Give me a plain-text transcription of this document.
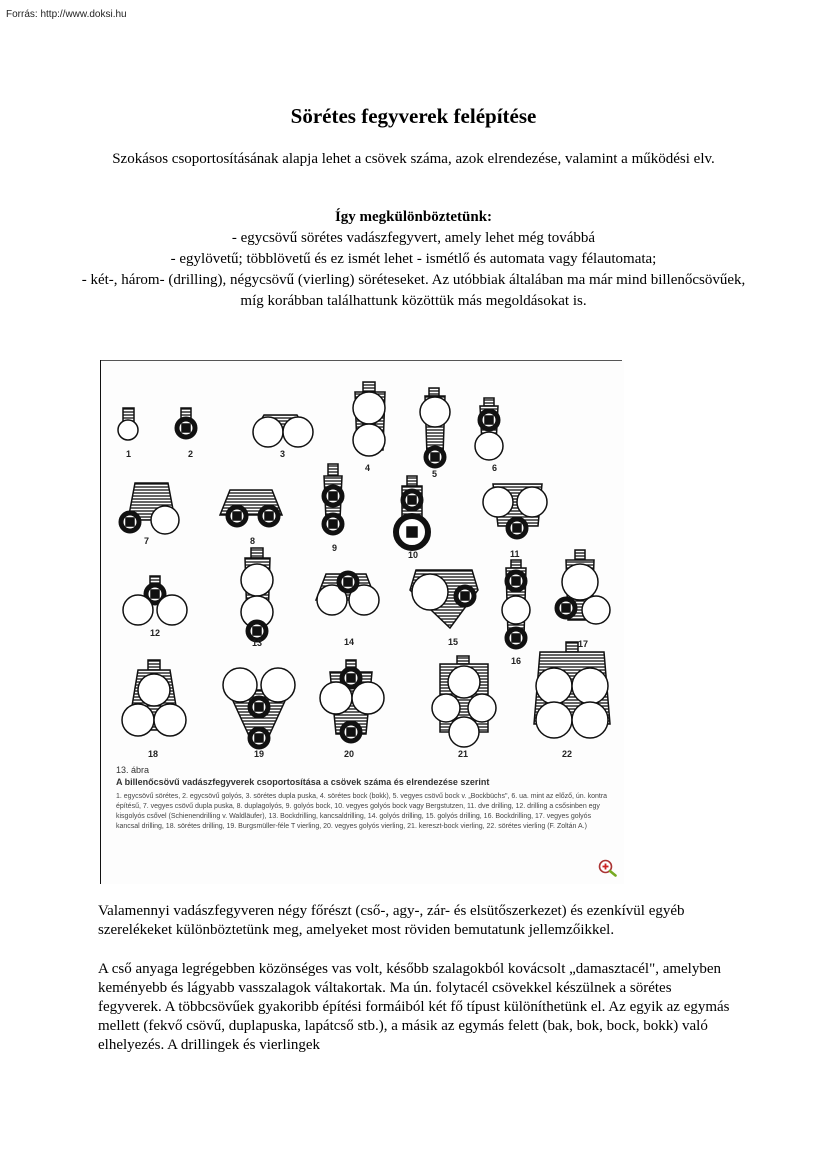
Forrás: http://www.doksi.hu
Sörétes fegyverek felépítése
Szokásos csoportosításának alapja lehet a csövek száma, azok elrendezése, valamint a működési elv.
Így megkülönböztetünk:
- egycsövű sörétes vadászfegyvert, amely lehet még továbbá
- egylövetű; többlövetű és ez ismét lehet - ismétlő és automata vagy félautomata;
- két-, három- (drilling), négycsövű (vierling) söréteseket. Az utóbbiak általában ma már mind billenőcsövűek, míg korábban találhattunk közöttük más megoldásokat is.
1	2	3
4
5
6
7	8
9
10	11
12
13	14	15
16
17
18	19	20	21	22
13. ábra
A billenőcsövű vadászfegyverek csoportosítása a csövek száma és elrendezése szerint
1. egycsövű sörétes, 2. egycsövű golyós, 3. sörétes dupla puska, 4. sörétes bock (bokk), 5. vegyes csövű bock v. „Bockbüchs", 6. ua. mint az előző, ún. kontra építésű, 7. vegyes csövű dupla puska, 8. duplagolyós, 9. golyós bock, 10. vegyes golyós bock vagy Bergstutzen, 11. dve drilling, 12. drilling a csősinben egy kisgolyós csővel (Schienendrilling v. Waldläufer), 13. Bockdrilling, kancsaldrilling, 14. golyós drilling, 15. golyós drilling, 16. Bockdrilling, 17. vegyes golyós kancsal drilling, 18. sörétes drilling, 19. Burgsmüller-féle T vierling, 20. vegyes golyós vierling, 21. kereszt-bock vierling, 22. sörétes vierling (F. Zoltán A.)
Valamennyi vadászfegyveren négy főrészt (cső-, agy-, zár- és elsütőszerkezet) és ezenkívül egyéb szerelékeket különböztetünk meg, amelyeket most röviden bemutatunk jellemzőikkel.
A cső anyaga legrégebben közönséges vas volt, később szalagokból kovácsolt „damasztacél", amelyben keményebb és lágyabb vasszalagok váltakortak. Ma ún. folytacél csövekkel készülnek a sörétes fegyverek. A többcsövűek gyakoribb építési formáiból két fő típust különíthetünk el. Az egyik az egymás mellett (fekvő csövű, duplapuska, lapátcső stb.), a másik az egymás felett (bak, bok, bock, bokk) való elhelyezés. A drillingek és vierlingek
